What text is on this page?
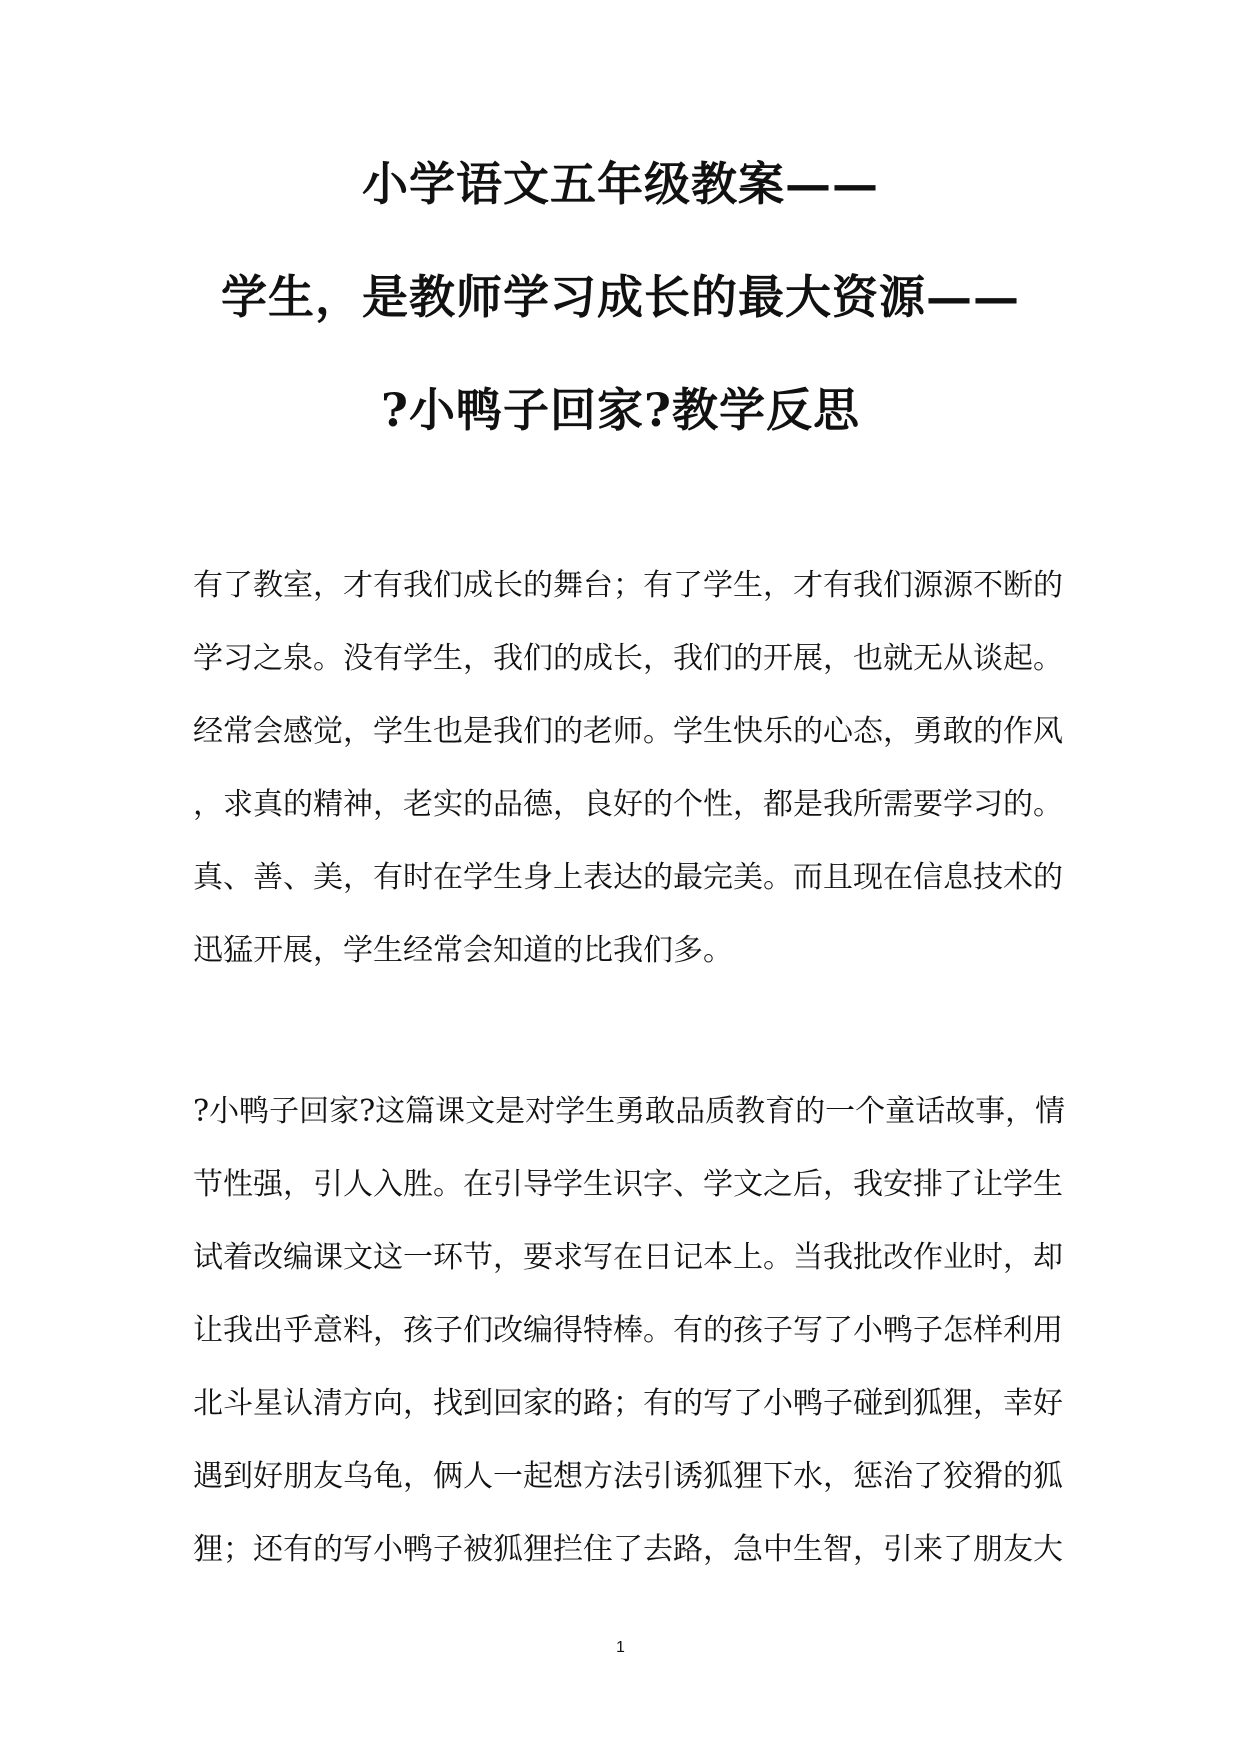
小学语文五年级教案——
学生，是教师学习成长的最大资源——
?小鸭子回家?教学反思
有了教室，才有我们成长的舞台；有了学生，才有我们源源不断的
学习之泉。没有学生，我们的成长，我们的开展，也就无从谈起。
经常会感觉，学生也是我们的老师。学生快乐的心态，勇敢的作风
，求真的精神，老实的品德，良好的个性，都是我所需要学习的。
真、善、美，有时在学生身上表达的最完美。而且现在信息技术的
迅猛开展，学生经常会知道的比我们多。
?小鸭子回家?这篇课文是对学生勇敢品质教育的一个童话故事，情
节性强，引人入胜。在引导学生识字、学文之后，我安排了让学生
试着改编课文这一环节，要求写在日记本上。当我批改作业时，却
让我出乎意料，孩子们改编得特棒。有的孩子写了小鸭子怎样利用
北斗星认清方向，找到回家的路；有的写了小鸭子碰到狐狸，幸好
遇到好朋友乌龟，俩人一起想方法引诱狐狸下水，惩治了狡猾的狐
狸；还有的写小鸭子被狐狸拦住了去路，急中生智，引来了朋友大
1
